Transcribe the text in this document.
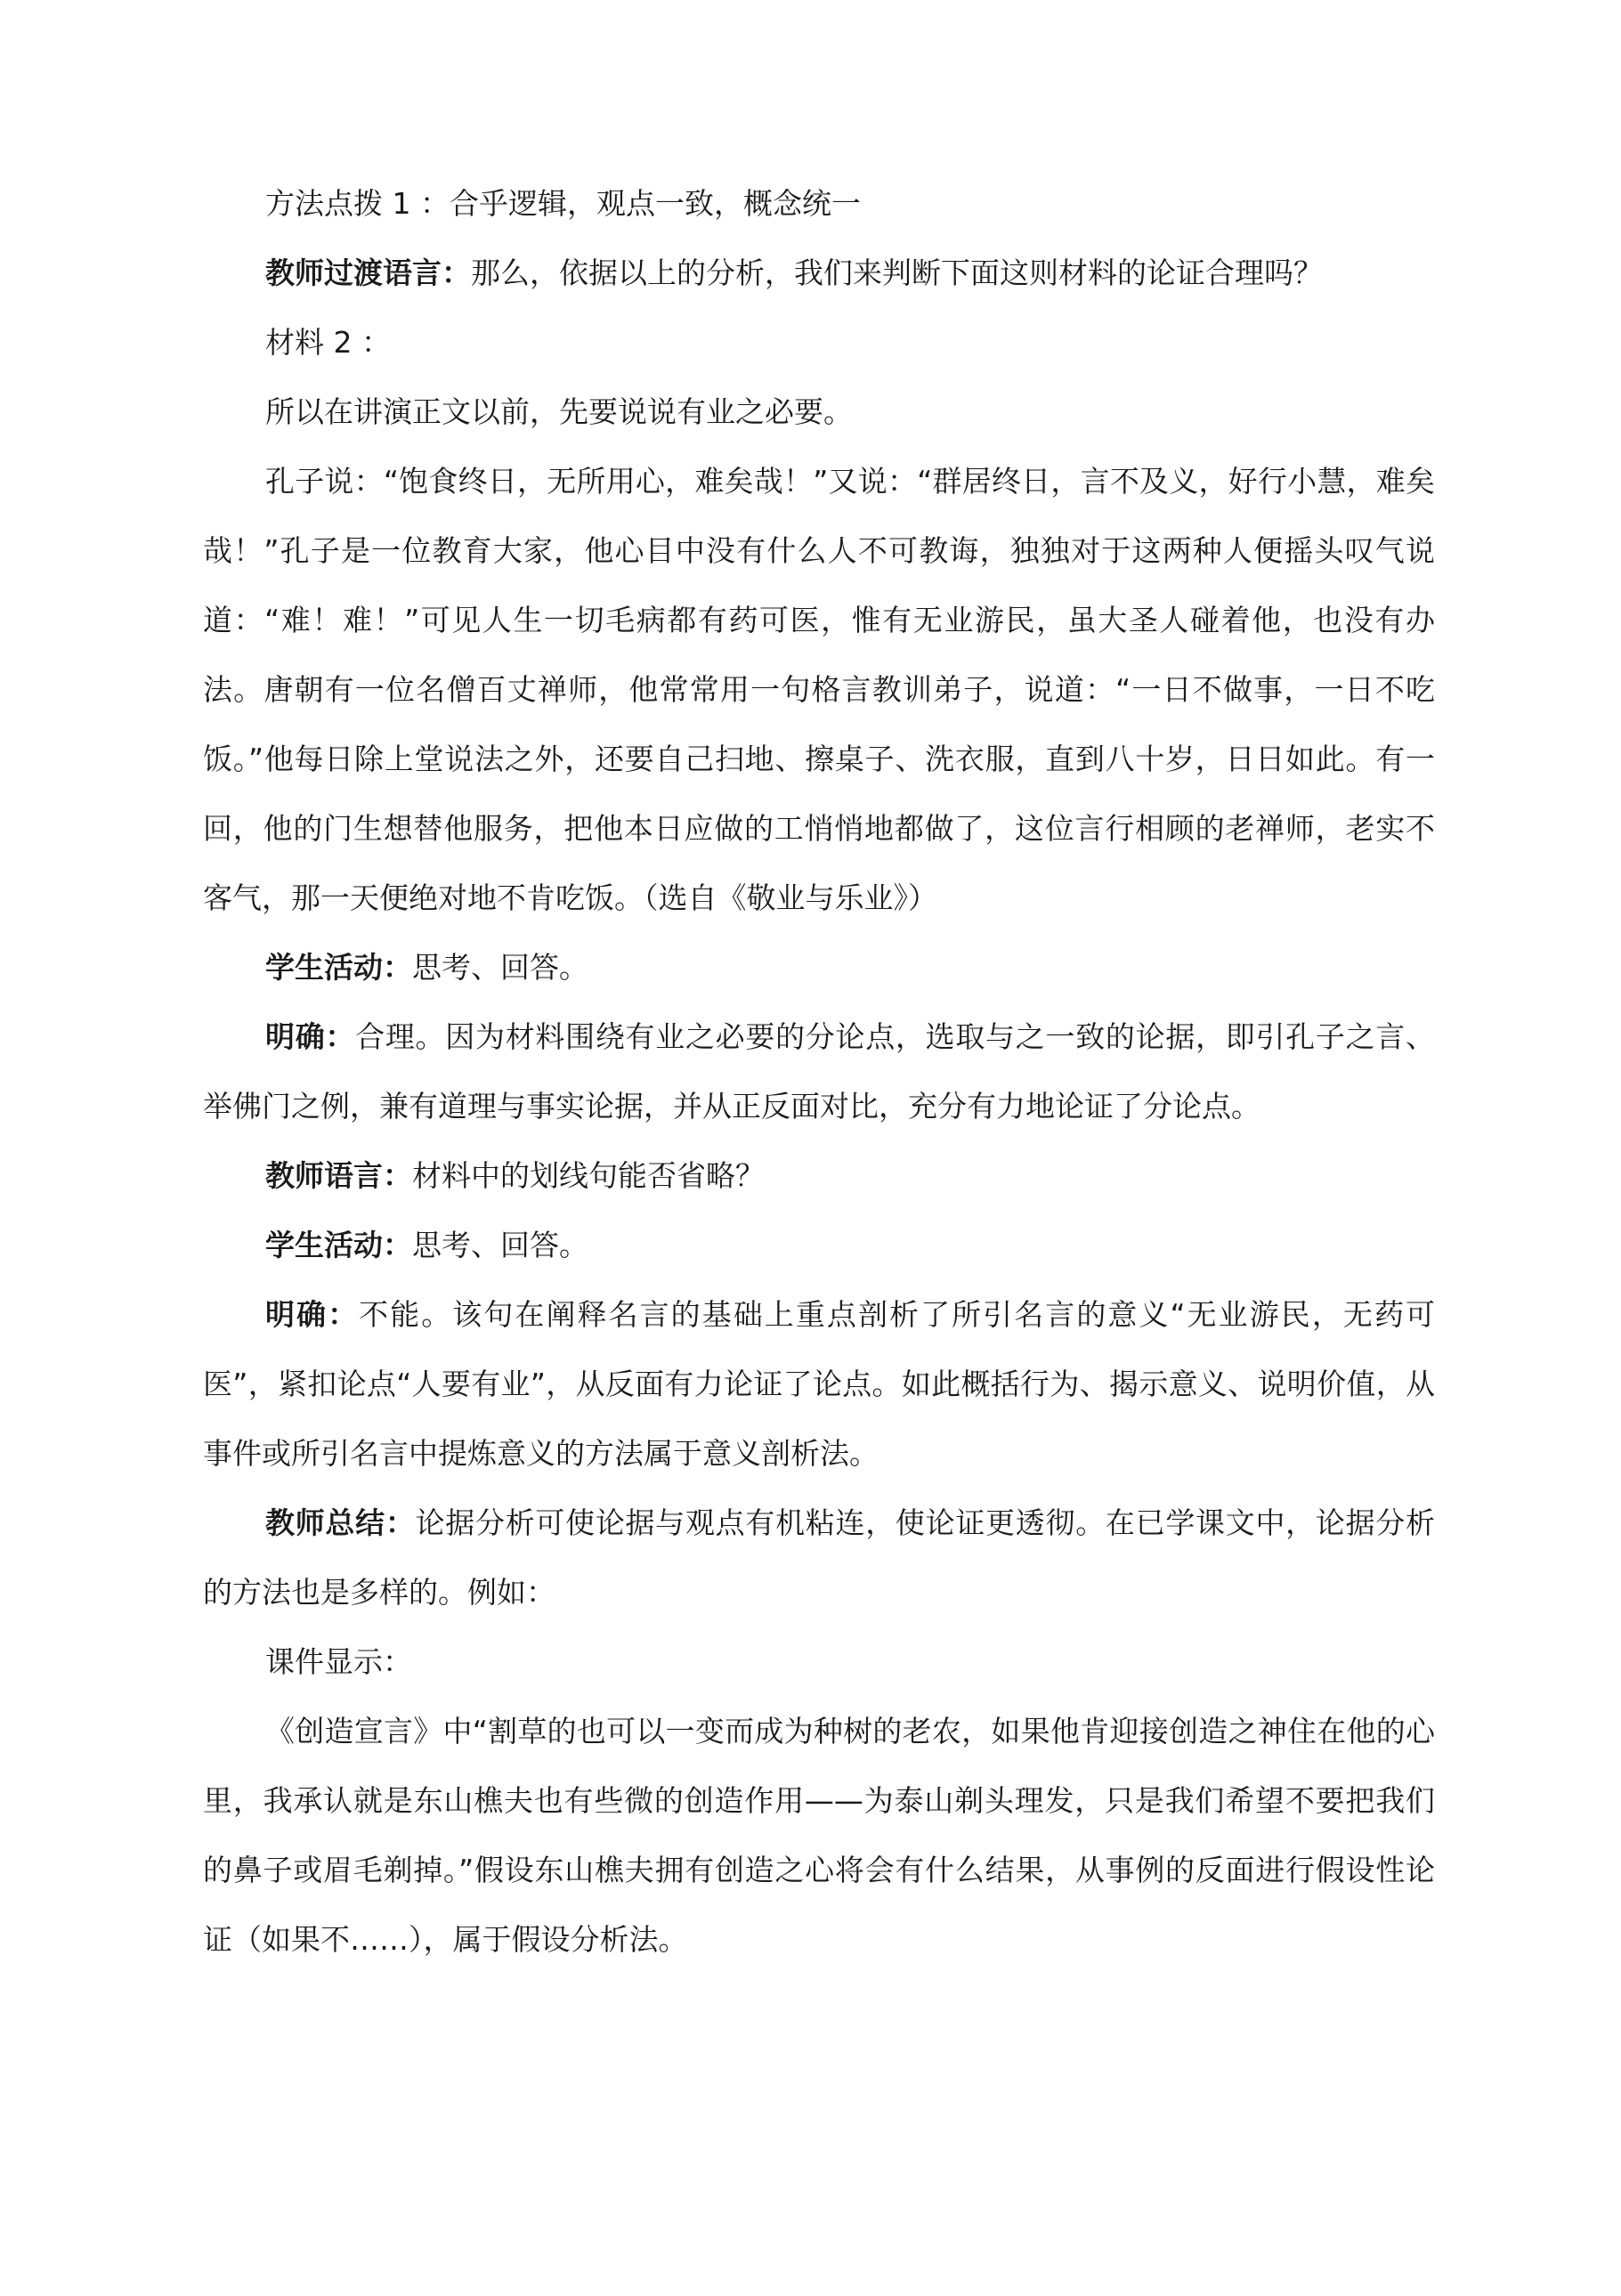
方法点拨 1 ：合乎逻辑，观点一致，概念统一

教师过渡语言：那么，依据以上的分析，我们来判断下面这则材料的论证合理吗？

材料 2 ：

所以在讲演正文以前，先要说说有业之必要。

孔子说：“饱食终日，无所用心，难矣哉！”又说：“群居终日，言不及义，好行小慧，难矣哉！”孔子是一位教育大家，他心目中没有什么人不可教诲，独独对于这两种人便摇头叹气说道：“难！难！”可见人生一切毛病都有药可医，惟有无业游民，虽大圣人碰着他，也没有办法。唐朝有一位名僧百丈禅师，他常常用一句格言教训弟子，说道：“一日不做事，一日不吃饭。”他每日除上堂说法之外，还要自己扫地、擦桌子、洗衣服，直到八十岁，日日如此。有一回，他的门生想替他服务，把他本日应做的工悄悄地都做了，这位言行相顾的老禅师，老实不客气，那一天便绝对地不肯吃饭。（选自《敬业与乐业》）

学生活动：思考、回答。

明确：合理。因为材料围绕有业之必要的分论点，选取与之一致的论据，即引孔子之言、举佛门之例，兼有道理与事实论据，并从正反面对比，充分有力地论证了分论点。

教师语言：材料中的划线句能否省略？

学生活动：思考、回答。

明确：不能。该句在阐释名言的基础上重点剖析了所引名言的意义“无业游民，无药可医”，紧扣论点“人要有业”，从反面有力论证了论点。如此概括行为、揭示意义、说明价值，从事件或所引名言中提炼意义的方法属于意义剖析法。

教师总结：论据分析可使论据与观点有机粘连，使论证更透彻。在已学课文中，论据分析的方法也是多样的。例如：

课件显示：

《创造宣言》中“割草的也可以一变而成为种树的老农，如果他肯迎接创造之神住在他的心里，我承认就是东山樵夫也有些微的创造作用——为泰山剃头理发，只是我们希望不要把我们的鼻子或眉毛剃掉。”假设东山樵夫拥有创造之心将会有什么结果，从事例的反面进行假设性论证（如果不……），属于假设分析法。
